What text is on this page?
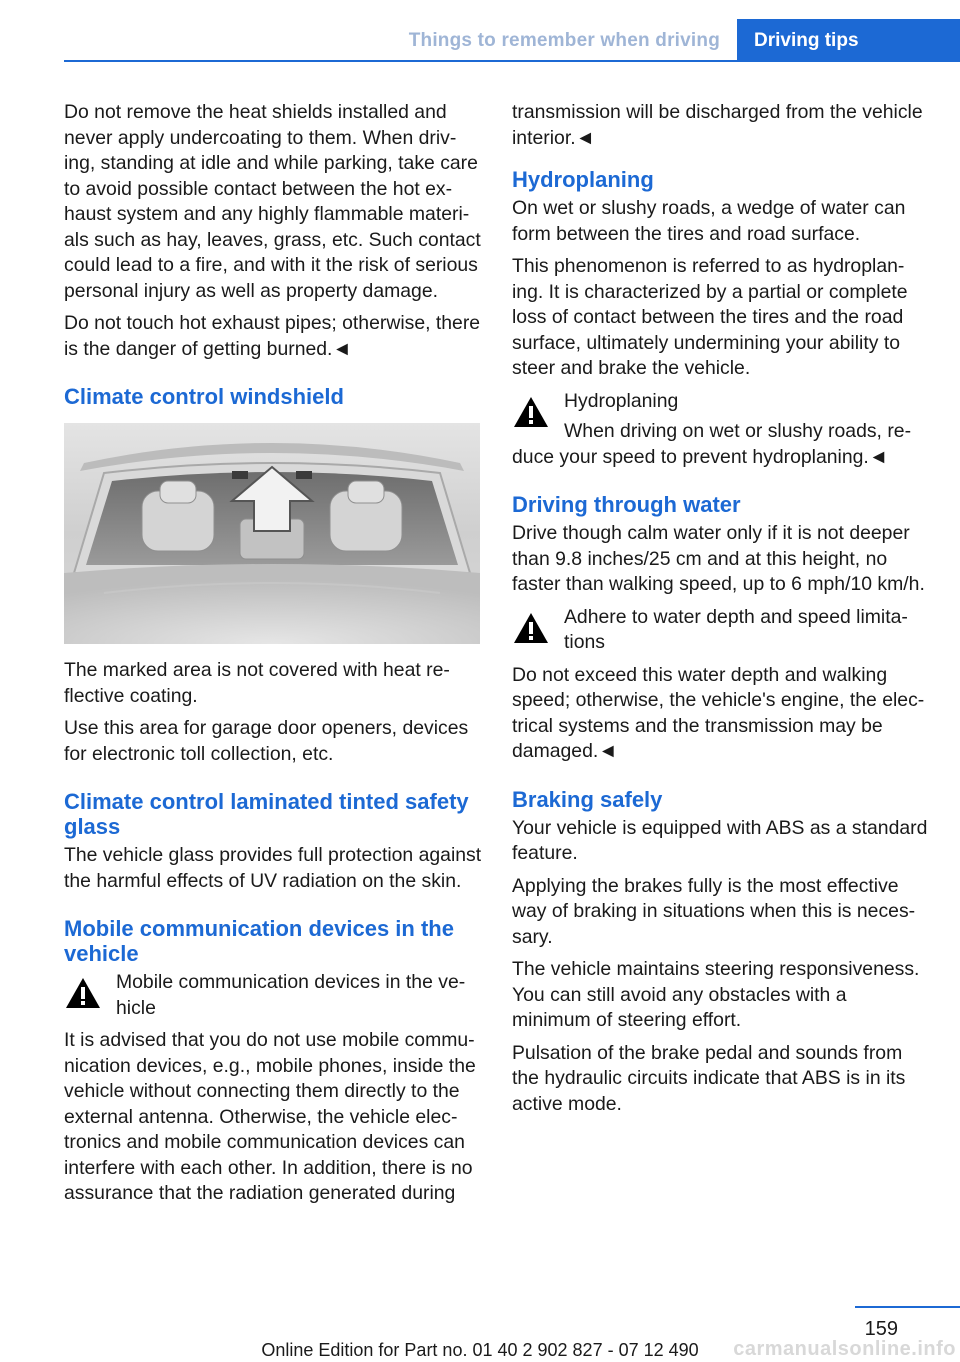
Things to remember when driving	Driving tips

Do not remove the heat shields installed and never apply undercoating to them. When driv-ing, standing at idle and while parking, take care to avoid possible contact between the hot ex-haust system and any highly flammable materi-als such as hay, leaves, grass, etc. Such contact could lead to a fire, and with it the risk of serious personal injury as well as property damage.

Do not touch hot exhaust pipes; otherwise, there is the danger of getting burned.◄

Climate control windshield

The marked area is not covered with heat re-flective coating.

Use this area for garage door openers, devices for electronic toll collection, etc.

Climate control laminated tinted safety glass

The vehicle glass provides full protection against the harmful effects of UV radiation on the skin.

Mobile communication devices in the vehicle

Mobile communication devices in the ve-hicle

It is advised that you do not use mobile commu-nication devices, e.g., mobile phones, inside the vehicle without connecting them directly to the external antenna. Otherwise, the vehicle elec-tronics and mobile communication devices can interfere with each other. In addition, there is no assurance that the radiation generated during

transmission will be discharged from the vehicle interior.◄

Hydroplaning

On wet or slushy roads, a wedge of water can form between the tires and road surface.

This phenomenon is referred to as hydroplan-ing. It is characterized by a partial or complete loss of contact between the tires and the road surface, ultimately undermining your ability to steer and brake the vehicle.

Hydroplaning

When driving on wet or slushy roads, re-duce your speed to prevent hydroplaning.◄

Driving through water

Drive though calm water only if it is not deeper than 9.8 inches/25 cm and at this height, no faster than walking speed, up to 6 mph/10 km/h.

Adhere to water depth and speed limita-tions

Do not exceed this water depth and walking speed; otherwise, the vehicle's engine, the elec-trical systems and the transmission may be damaged.◄

Braking safely

Your vehicle is equipped with ABS as a standard feature.

Applying the brakes fully is the most effective way of braking in situations when this is neces-sary.

The vehicle maintains steering responsiveness. You can still avoid any obstacles with a minimum of steering effort.

Pulsation of the brake pedal and sounds from the hydraulic circuits indicate that ABS is in its active mode.

159
Online Edition for Part no. 01 40 2 902 827 - 07 12 490	carmanualsonline.info
